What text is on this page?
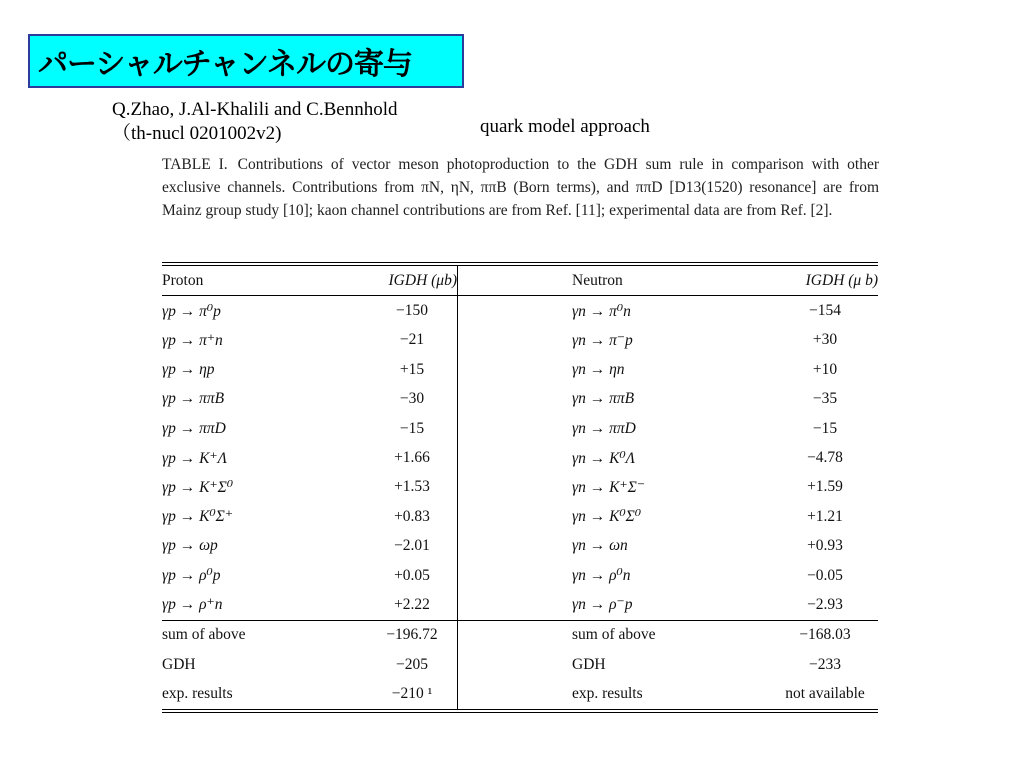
パーシャルチャンネルの寄与
Q.Zhao, J.Al-Khalili and C.Bennhold
（th-nucl 0201002v2)	quark model approach
TABLE I. Contributions of vector meson photoproduction to the GDH sum rule in comparison with other exclusive channels. Contributions from πN, ηN, ππB (Born terms), and ππD [D13(1520) resonance] are from Mainz group study [10]; kaon channel contributions are from Ref. [11]; experimental data are from Ref. [2].
Proton	IGDH (μb)	Neutron	IGDH (μ b)
γp → π⁰p	−150	γn → π⁰n	−154
γp → π⁺n	−21	γn → π⁻p	+30
γp → ηp	+15	γn → ηn	+10
γp → ππB	−30	γn → ππB	−35
γp → ππD	−15	γn → ππD	−15
γp → K⁺Λ	+1.66	γn → K⁰Λ	−4.78
γp → K⁺Σ⁰	+1.53	γn → K⁺Σ⁻	+1.59
γp → K⁰Σ⁺	+0.83	γn → K⁰Σ⁰	+1.21
γp → ωp	−2.01	γn → ωn	+0.93
γp → ρ⁰p	+0.05	γn → ρ⁰n	−0.05
γp → ρ⁺n	+2.22	γn → ρ⁻p	−2.93
sum of above	−196.72	sum of above	−168.03
GDH	−205	GDH	−233
exp. results	−210 ¹	exp. results	not available
